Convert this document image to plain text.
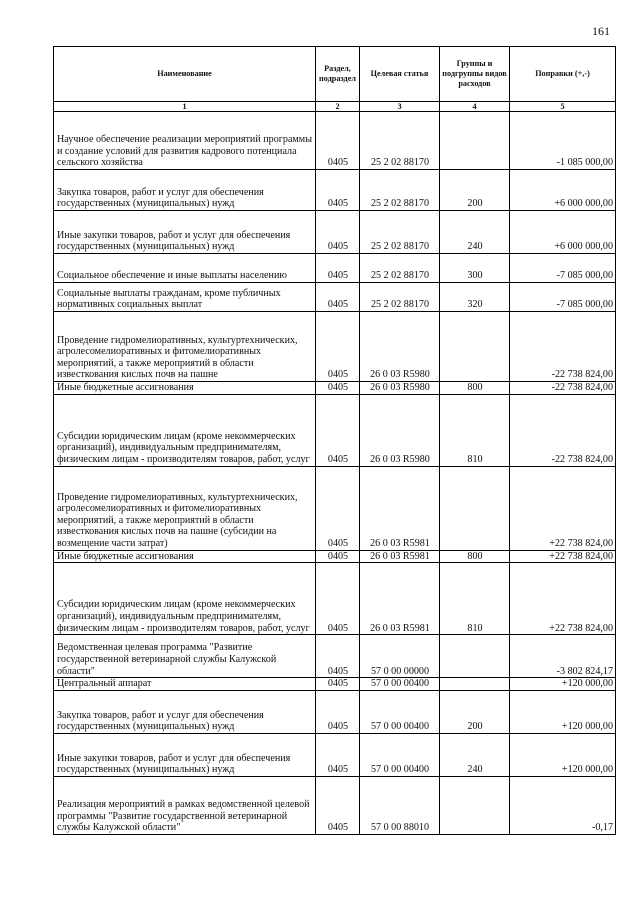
161
Наименование	Раздел, подраздел	Целевая статья	Группы и подгруппы видов расходов	Поправки (+,-)
1	2	3	4	5
Научное обеспечение реализации мероприятий программы и создание условий для развития кадрового потенциала сельского хозяйства	0405	25 2 02 88170		-1 085 000,00
Закупка товаров, работ и услуг для обеспечения государственных (муниципальных) нужд	0405	25 2 02 88170	200	+6 000 000,00
Иные закупки товаров, работ и услуг для обеспечения государственных (муниципальных) нужд	0405	25 2 02 88170	240	+6 000 000,00
Социальное обеспечение и иные выплаты населению	0405	25 2 02 88170	300	-7 085 000,00
Социальные выплаты гражданам, кроме публичных нормативных социальных выплат	0405	25 2 02 88170	320	-7 085 000,00
Проведение гидромелиоративных, культуртехнических, агролесомелиоративных и фитомелиоративных мероприятий, а также мероприятий в области известкования кислых почв на пашне	0405	26 0 03 R5980		-22 738 824,00
Иные бюджетные ассигнования	0405	26 0 03 R5980	800	-22 738 824,00
Субсидии юридическим лицам (кроме некоммерческих организаций), индивидуальным предпринимателям, физическим лицам - производителям товаров, работ, услуг	0405	26 0 03 R5980	810	-22 738 824,00
Проведение гидромелиоративных, культуртехнических, агролесомелиоративных и фитомелиоративных мероприятий, а также мероприятий в области известкования кислых почв на пашне (субсидии на возмещение части затрат)	0405	26 0 03 R5981		+22 738 824,00
Иные бюджетные ассигнования	0405	26 0 03 R5981	800	+22 738 824,00
Субсидии юридическим лицам (кроме некоммерческих организаций), индивидуальным предпринимателям, физическим лицам - производителям товаров, работ, услуг	0405	26 0 03 R5981	810	+22 738 824,00
Ведомственная целевая программа "Развитие государственной ветеринарной службы Калужской области"	0405	57 0 00 00000		-3 802 824,17
Центральный аппарат	0405	57 0 00 00400		+120 000,00
Закупка товаров, работ и услуг для обеспечения государственных (муниципальных) нужд	0405	57 0 00 00400	200	+120 000,00
Иные закупки товаров, работ и услуг для обеспечения государственных (муниципальных) нужд	0405	57 0 00 00400	240	+120 000,00
Реализация мероприятий в рамках ведомственной целевой программы "Развитие государственной ветеринарной службы Калужской области"	0405	57 0 00 88010		-0,17
